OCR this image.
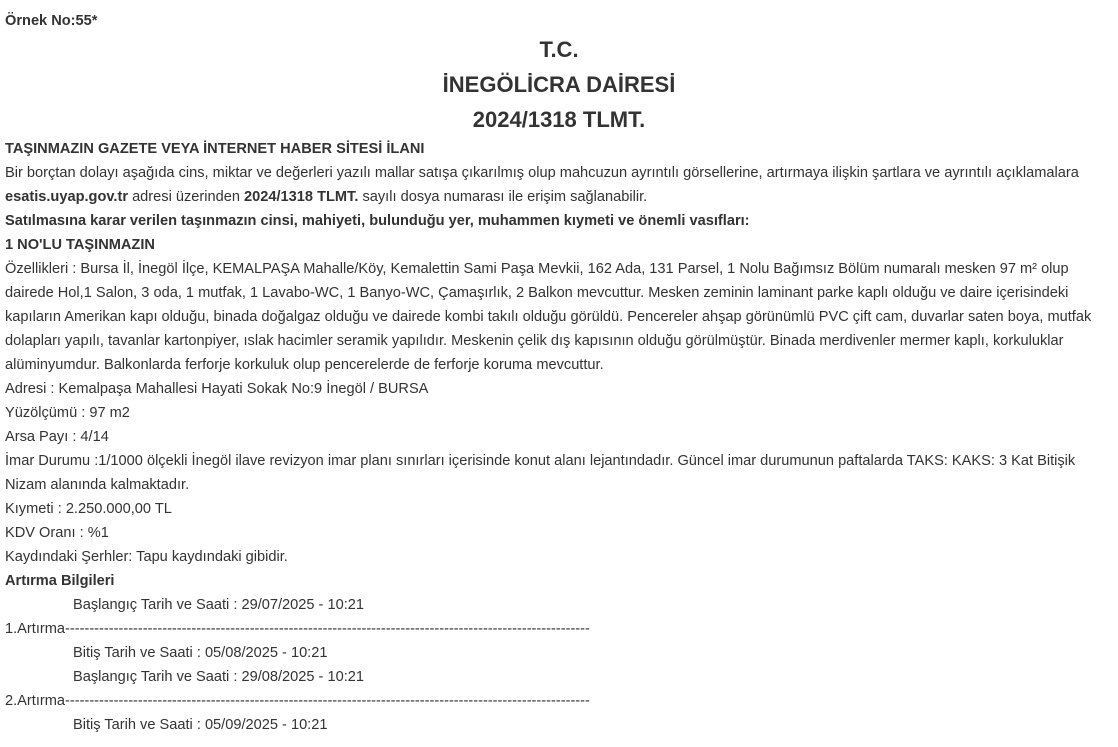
Örnek No:55*
T.C.
İNEGÖLİCRA DAİRESİ
2024/1318 TLMT.
TAŞINMAZIN GAZETE VEYA İNTERNET HABER SİTESİ İLANI

Bir borçtan dolayı aşağıda cins, miktar ve değerleri yazılı mallar satışa çıkarılmış olup mahcuzun ayrıntılı görsellerine, artırmaya ilişkin şartlara ve ayrıntılı açıklamalara esatis.uyap.gov.tr adresi üzerinden 2024/1318 TLMT. sayılı dosya numarası ile erişim sağlanabilir.

Satılmasına karar verilen taşınmazın cinsi, mahiyeti, bulunduğu yer, muhammen kıymeti ve önemli vasıfları:
1 NO'LU TAŞINMAZIN

Özellikleri : Bursa İl, İnegöl İlçe, KEMALPAŞA Mahalle/Köy, Kemalettin Sami Paşa Mevkii, 162 Ada, 131 Parsel, 1 Nolu Bağımsız Bölüm numaralı mesken 97 m² olup dairede Hol,1 Salon, 3 oda, 1 mutfak, 1 Lavabo-WC, 1 Banyo-WC, Çamaşırlık, 2 Balkon mevcuttur. Mesken zeminin laminant parke kaplı olduğu ve daire içerisindeki kapıların Amerikan kapı olduğu, binada doğalgaz olduğu ve dairede kombi takılı olduğu görüldü. Pencereler ahşap görünümlü PVC çift cam, duvarlar saten boya, mutfak dolapları yapılı, tavanlar kartonpiyer, ıslak hacimler seramik yapılıdır. Meskenin çelik dış kapısının olduğu görülmüştür. Binada merdivenler mermer kaplı, korkuluklar alüminyumdur. Balkonlarda ferforje korkuluk olup pencerelerde de ferforje koruma mevcuttur.

Adresi : Kemalpaşa Mahallesi Hayati Sokak No:9 İnegöl / BURSA
Yüzölçümü : 97 m2
Arsa Payı : 4/14

İmar Durumu :1/1000 ölçekli İnegöl ilave revizyon imar planı sınırları içerisinde konut alanı lejantındadır. Güncel imar durumunun paftalarda TAKS: KAKS: 3 Kat Bitişik Nizam alanında kalmaktadır.

Kıymeti : 2.250.000,00 TL
KDV Oranı : %1
Kaydındaki Şerhler: Tapu kaydındaki gibidir.
Artırma Bilgileri
Başlangıç Tarih ve Saati : 29/07/2025 - 10:21
1.Artırma------------------------------------------------------------------------------------------------------------
Bitiş Tarih ve Saati : 05/08/2025 - 10:21
Başlangıç Tarih ve Saati : 29/08/2025 - 10:21
2.Artırma------------------------------------------------------------------------------------------------------------
Bitiş Tarih ve Saati : 05/09/2025 - 10:21
